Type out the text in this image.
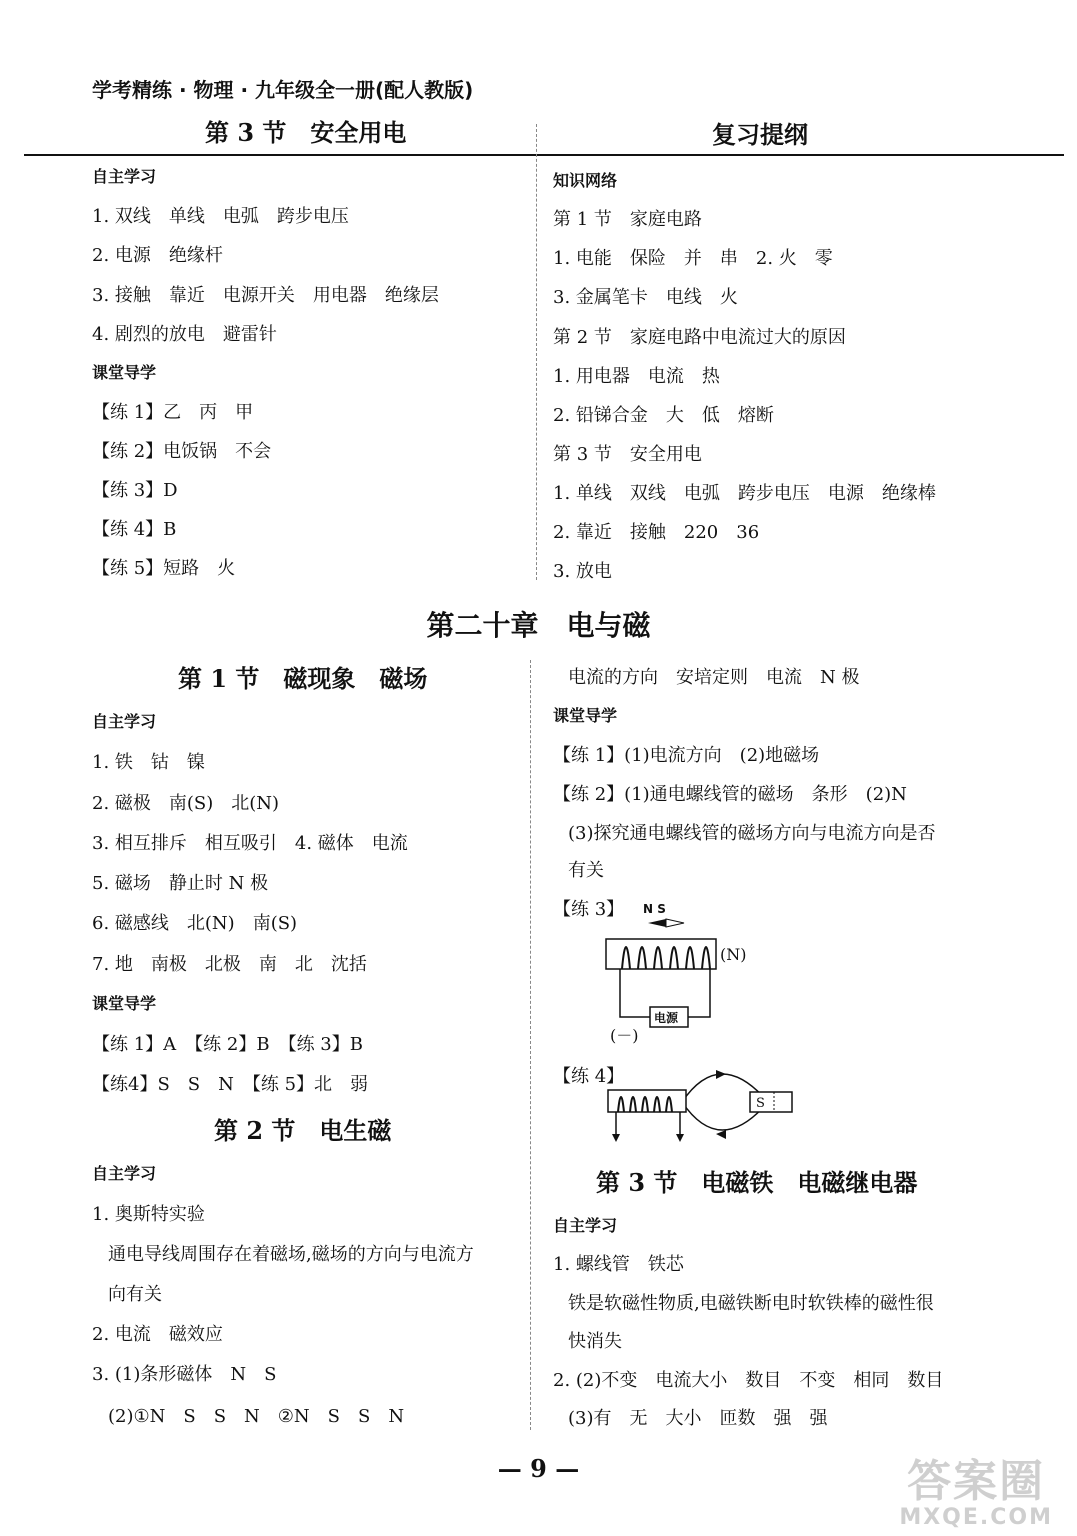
学考精练 · 物理 · 九年级全一册(配人教版)
第 3 节　安全用电	复习提纲
自主学习
1. 双线　单线　电弧　跨步电压
2. 电源　绝缘杆
3. 接触　靠近　电源开关　用电器　绝缘层
4. 剧烈的放电　避雷针
课堂导学
【练 1】乙　丙　甲
【练 2】电饭锅　不会
【练 3】D
【练 4】B
【练 5】短路　火
知识网络
第 1 节　家庭电路
1. 电能　保险　并　串　2. 火　零
3. 金属笔卡　电线　火
第 2 节　家庭电路中电流过大的原因
1. 用电器　电流　热
2. 铅锑合金　大　低　熔断
第 3 节　安全用电
1. 单线　双线　电弧　跨步电压　电源　绝缘棒
2. 靠近　接触　220　36
3. 放电
第二十章　电与磁
第 1 节　磁现象　磁场
自主学习
1. 铁　钴　镍
2. 磁极　南(S)　北(N)
3. 相互排斥　相互吸引　4. 磁体　电流
5. 磁场　静止时 N 极
6. 磁感线　北(N)　南(S)
7. 地　南极　北极　南　北　沈括
课堂导学
【练 1】A　【练 2】B　【练 3】B
【练4】S　S　N　【练 5】北　弱
第 2 节　电生磁
自主学习
1. 奥斯特实验
通电导线周围存在着磁场,磁场的方向与电流方
向有关
2. 电流　磁效应
3. (1)条形磁体　N　S
(2)①N　S　S　N　②N　S　S　N
电流的方向　安培定则　电流　N 极
课堂导学
【练 1】(1)电流方向　(2)地磁场
【练 2】(1)通电螺线管的磁场　条形　(2)N
(3)探究通电螺线管的磁场方向与电流方向是否
有关
【练 3】 N S
(N)
电源
(－)
【练 4】
S
第 3 节　电磁铁　电磁继电器
自主学习
1. 螺线管　铁芯
铁是软磁性物质,电磁铁断电时软铁棒的磁性很
快消失
2. (2)不变　电流大小　数目　不变　相同　数目
(3)有　无　大小　匝数　强　强
— 9 —	答案圈
MXQE.COM
